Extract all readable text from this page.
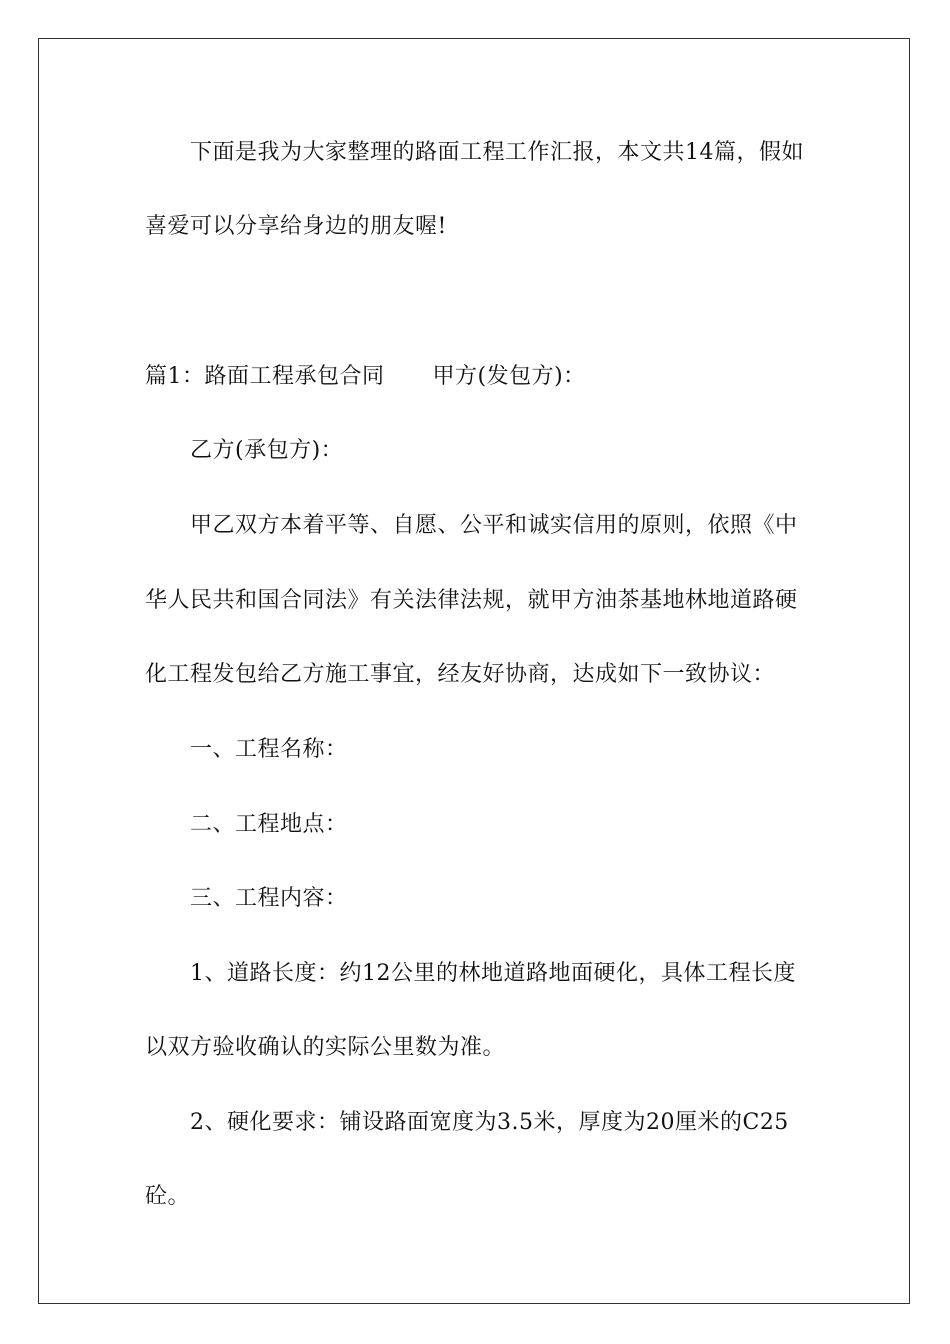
下面是我为大家整理的路面工程工作汇报，本文共14篇，假如
喜爱可以分享给身边的朋友喔!
篇1：路面工程承包合同 甲方(发包方)：
乙方(承包方)：
甲乙双方本着平等、自愿、公平和诚实信用的原则，依照《中
华人民共和国合同法》有关法律法规，就甲方油茶基地林地道路硬
化工程发包给乙方施工事宜，经友好协商，达成如下一致协议：
一、工程名称：
二、工程地点：
三、工程内容：
1、道路长度：约12公里的林地道路地面硬化，具体工程长度
以双方验收确认的实际公里数为准。
2、硬化要求：铺设路面宽度为3.5米，厚度为20厘米的C25
砼。
